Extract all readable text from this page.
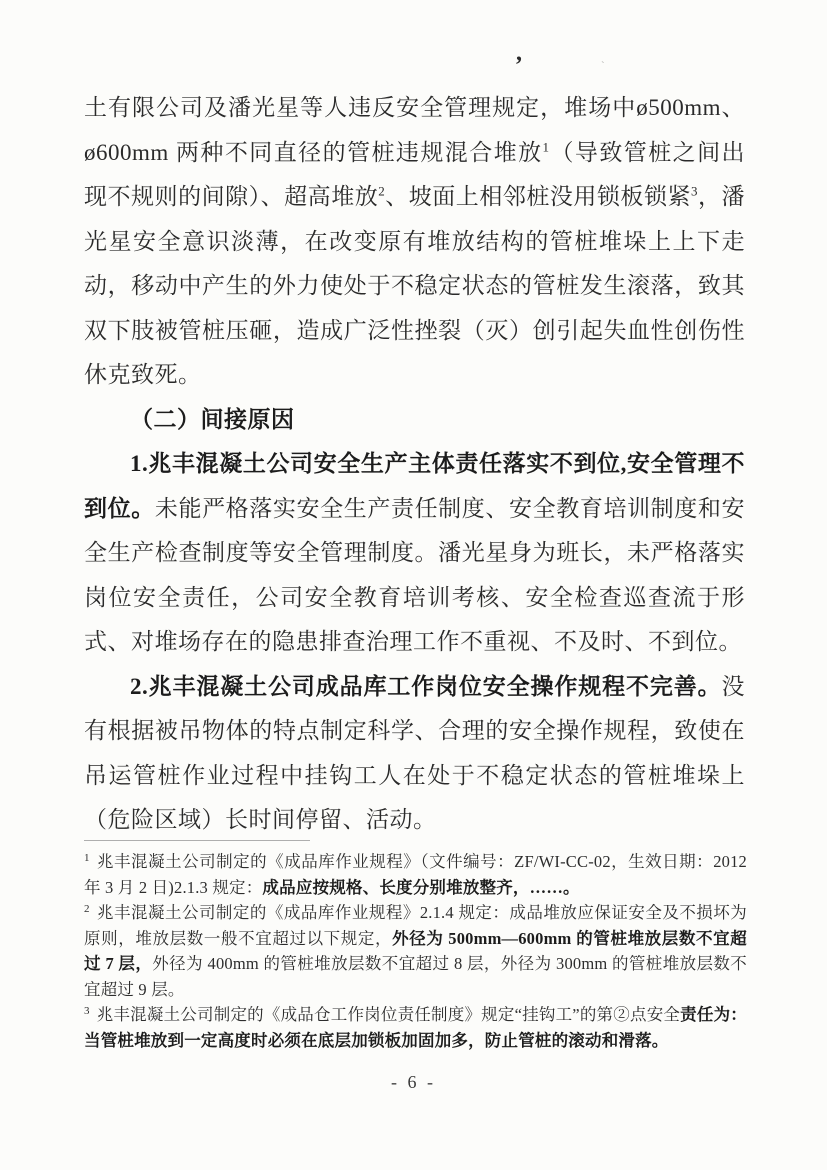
,	`

土有限公司及潘光星等人违反安全管理规定，堆场中ø500mm、ø600mm 两种不同直径的管桩违规混合堆放$^1$（导致管桩之间出现不规则的间隙）、超高堆放$^2$、坡面上相邻桩没用锁板锁紧$^3$，潘光星安全意识淡薄，在改变原有堆放结构的管桩堆垛上上下走动，移动中产生的外力使处于不稳定状态的管桩发生滚落，致其双下肢被管桩压砸，造成广泛性挫裂（灭）创引起失血性创伤性休克致死。

（二）间接原因

1.兆丰混凝土公司安全生产主体责任落实不到位,安全管理不到位。未能严格落实安全生产责任制度、安全教育培训制度和安全生产检查制度等安全管理制度。潘光星身为班长，未严格落实岗位安全责任，公司安全教育培训考核、安全检查巡查流于形式、对堆场存在的隐患排查治理工作不重视、不及时、不到位。

2.兆丰混凝土公司成品库工作岗位安全操作规程不完善。没有根据被吊物体的特点制定科学、合理的安全操作规程，致使在吊运管桩作业过程中挂钩工人在处于不稳定状态的管桩堆垛上（危险区域）长时间停留、活动。

$^1$ 兆丰混凝土公司制定的《成品库作业规程》（文件编号：ZF/WI-CC-02，生效日期：2012 年 3 月 2 日)2.1.3 规定：成品应按规格、长度分别堆放整齐，……。

$^2$ 兆丰混凝土公司制定的《成品库作业规程》2.1.4 规定：成品堆放应保证安全及不损坏为原则，堆放层数一般不宜超过以下规定，外径为 500mm—600mm 的管桩堆放层数不宜超过 7 层，外径为 400mm 的管桩堆放层数不宜超过 8 层，外径为 300mm 的管桩堆放层数不宜超过 9 层。

$^3$ 兆丰混凝土公司制定的《成品仓工作岗位责任制度》规定“挂钩工”的第②点安全责任为：当管桩堆放到一定高度时必须在底层加锁板加固加多，防止管桩的滚动和滑落。

- 6 -
